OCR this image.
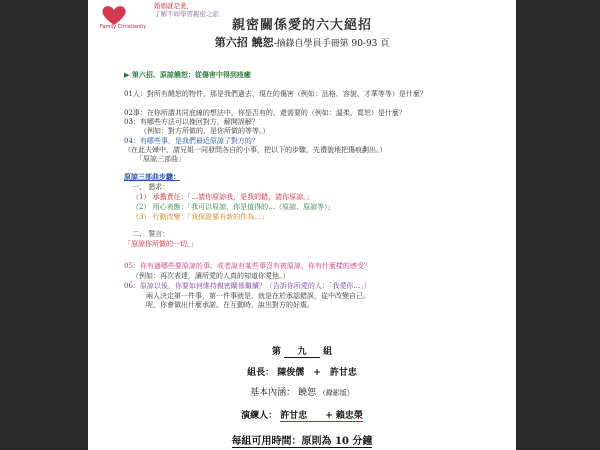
Family Christianity
婚姻就是愛，
了解不如學習親密之旅
親密關係愛的六大絕招
第六招 饒恕-摘錄自學員手冊第 90-93 頁
▶ 第六招、原諒饒恕：從傷害中得到痊癒
01人：對所有饒恕的物件，那是我們過去、現在的傷害（例如：品格、容貌、才華等等）是什麼？
02事：在你所謂共同底線的想法中，你是否有的、還需要的（例如：溫柔、寬恕）是什麼？
03：有哪些方法可以挽回對方，解開誤解？
（例如：對方所做的，是你所做的等等。）
04：有哪些事，是我們最近原諒了對方的？
（在此夫婦中，請兄姐一同發問各自的小事，把以下的步驟，先禮貌地把傷痕劃出。）
「原諒三部曲」
原諒三部曲步驟：
一、 懇求：
（1） 承擔責任：「…請你原諒我，是我的錯，請你原諒。」
（2） 用心表態：「我可以原諒，你是值得的…（原諒、原諒等）」
（3） 行動改變：「我保證要有新的作為…」
二、 誓言：
「原諒你所做的一切。」
05：你有過哪些要原諒的事、或者說有某些事沒有被原諒、你有什麼樣的感受？
（例如：再次表達，讓所愛的人真的知道你愛他。）
06：原諒以後，你要如何維持親密關係繼續？（告訴你所愛的人：「我愛你…」）
兩人決定第一件事，第一件事就是，就是在於承認錯誤，從中改變自己。
呢，你會做出什麼承諾。在互動時，說出對方的好處。
第 九 組
組長： 陳俊儒　+　許甘忠
基本內涵： 饒恕 （錄影版）
演練人： 許甘忠　　+ 賴忠榮
每組可用時間：原則為 10 分鐘
